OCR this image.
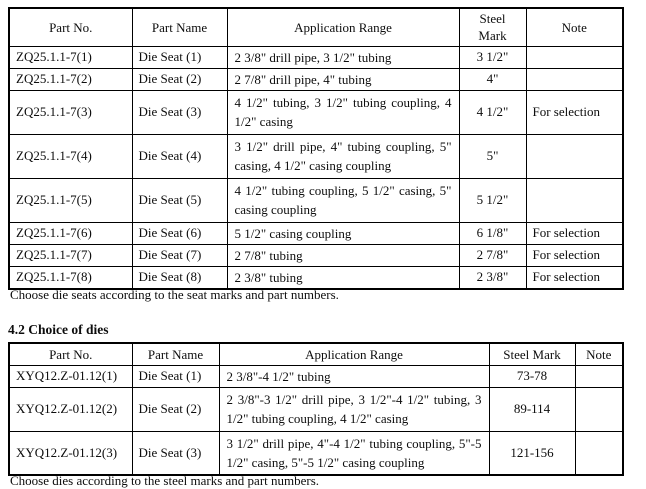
Part No.	Part Name	Application Range	Steel Mark	Note
ZQ25.1.1-7(1)	Die Seat (1)	2 3/8" drill pipe, 3 1/2" tubing	3 1/2"	
ZQ25.1.1-7(2)	Die Seat (2)	2 7/8" drill pipe, 4" tubing	4"	
ZQ25.1.1-7(3)	Die Seat (3)	4 1/2" tubing, 3 1/2" tubing coupling, 4 1/2" casing	4 1/2"	For selection
ZQ25.1.1-7(4)	Die Seat (4)	3 1/2" drill pipe, 4" tubing coupling, 5" casing, 4 1/2" casing coupling	5"	
ZQ25.1.1-7(5)	Die Seat (5)	4 1/2" tubing coupling, 5 1/2" casing, 5" casing coupling	5 1/2"	
ZQ25.1.1-7(6)	Die Seat (6)	5 1/2" casing coupling	6 1/8"	For selection
ZQ25.1.1-7(7)	Die Seat (7)	2 7/8" tubing	2 7/8"	For selection
ZQ25.1.1-7(8)	Die Seat (8)	2 3/8" tubing	2 3/8"	For selection
Choose die seats according to the seat marks and part numbers.
4.2 Choice of dies
Part No.	Part Name	Application Range	Steel Mark	Note
XYQ12.Z-01.12(1)	Die Seat (1)	2 3/8"-4 1/2" tubing	73-78	
XYQ12.Z-01.12(2)	Die Seat (2)	2 3/8"-3 1/2" drill pipe, 3 1/2"-4 1/2" tubing, 3 1/2" tubing coupling, 4 1/2" casing	89-114	
XYQ12.Z-01.12(3)	Die Seat (3)	3 1/2" drill pipe, 4"-4 1/2" tubing coupling, 5"-5 1/2" casing, 5"-5 1/2" casing coupling	121-156	
Choose dies according to the steel marks and part numbers.
